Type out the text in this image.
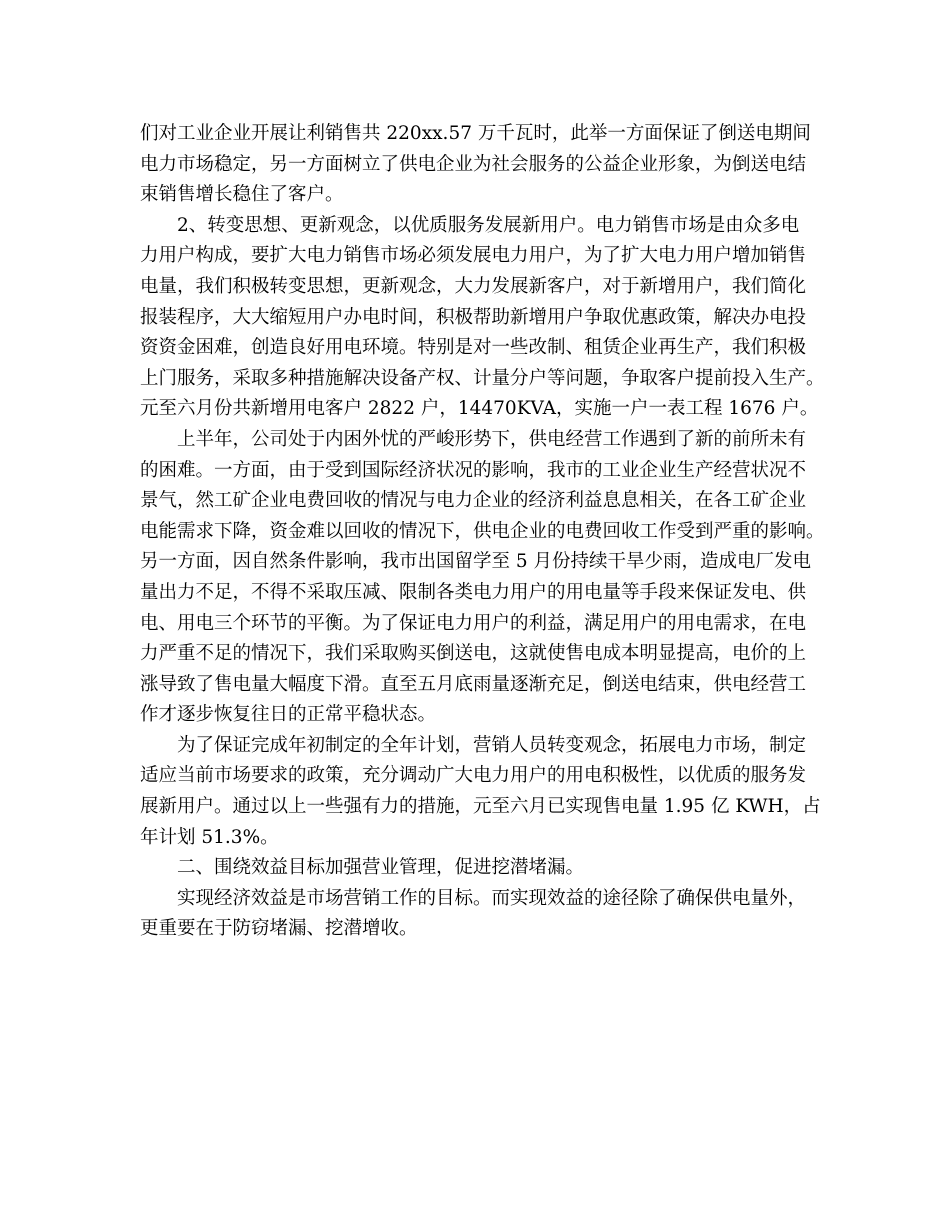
们对工业企业开展让利销售共 220xx.57 万千瓦时，此举一方面保证了倒送电期间
电力市场稳定，另一方面树立了供电企业为社会服务的公益企业形象，为倒送电结
束销售增长稳住了客户。
2、转变思想、更新观念，以优质服务发展新用户。电力销售市场是由众多电
力用户构成，要扩大电力销售市场必须发展电力用户，为了扩大电力用户增加销售
电量，我们积极转变思想，更新观念，大力发展新客户，对于新增用户，我们简化
报装程序，大大缩短用户办电时间，积极帮助新增用户争取优惠政策，解决办电投
资资金困难，创造良好用电环境。特别是对一些改制、租赁企业再生产，我们积极
上门服务，采取多种措施解决设备产权、计量分户等问题，争取客户提前投入生产。
元至六月份共新增用电客户 2822 户，14470KVA，实施一户一表工程 1676 户。
上半年，公司处于内困外忧的严峻形势下，供电经营工作遇到了新的前所未有
的困难。一方面，由于受到国际经济状况的影响，我市的工业企业生产经营状况不
景气，然工矿企业电费回收的情况与电力企业的经济利益息息相关，在各工矿企业
电能需求下降，资金难以回收的情况下，供电企业的电费回收工作受到严重的影响。
另一方面，因自然条件影响，我市出国留学至 5 月份持续干旱少雨，造成电厂发电
量出力不足，不得不采取压减、限制各类电力用户的用电量等手段来保证发电、供
电、用电三个环节的平衡。为了保证电力用户的利益，满足用户的用电需求，在电
力严重不足的情况下，我们采取购买倒送电，这就使售电成本明显提高，电价的上
涨导致了售电量大幅度下滑。直至五月底雨量逐渐充足，倒送电结束，供电经营工
作才逐步恢复往日的正常平稳状态。
为了保证完成年初制定的全年计划，营销人员转变观念，拓展电力市场，制定
适应当前市场要求的政策，充分调动广大电力用户的用电积极性，以优质的服务发
展新用户。通过以上一些强有力的措施，元至六月已实现售电量 1.95 亿 KWH，占
年计划 51.3%。
二、围绕效益目标加强营业管理，促进挖潜堵漏。
实现经济效益是市场营销工作的目标。而实现效益的途径除了确保供电量外，
更重要在于防窃堵漏、挖潜增收。
